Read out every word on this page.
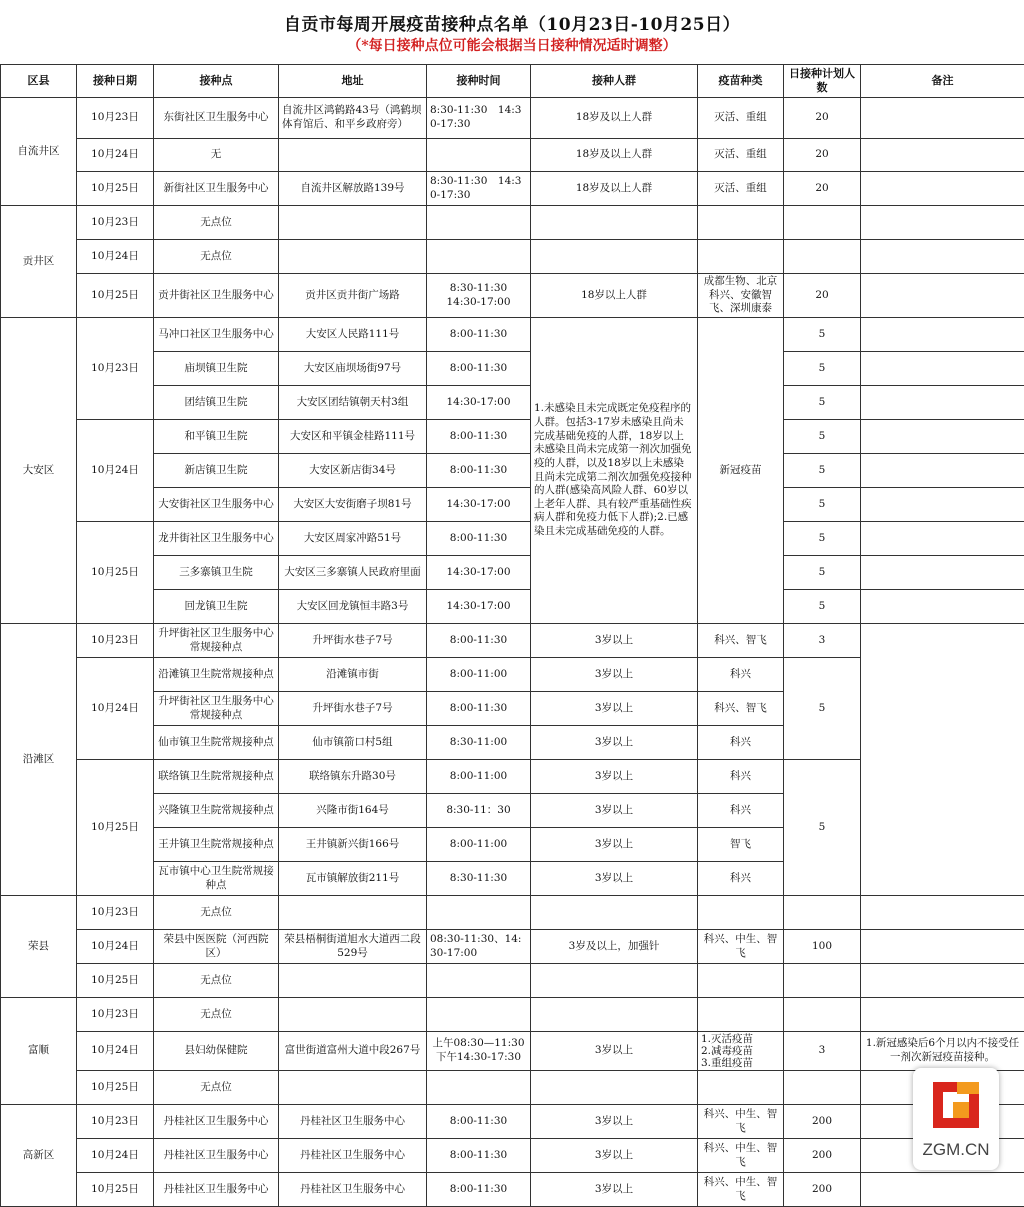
自贡市每周开展疫苗接种点名单（10月23日-10月25日）
（*每日接种点位可能会根据当日接种情况适时调整）
区县	接种日期	接种点	地址	接种时间	接种人群	疫苗种类	日接种计划人数	备注
自流井区	10月23日	东街社区卫生服务中心	自流井区鸿鹤路43号（鸿鹤坝体育馆后、和平乡政府旁）	8:30-11:30　14:30-17:30	18岁及以上人群	灭活、重组	20	
	10月24日	无			18岁及以上人群	灭活、重组	20	
	10月25日	新街社区卫生服务中心	自流井区解放路139号	8:30-11:30　14:30-17:30	18岁及以上人群	灭活、重组	20	
贡井区	10月23日	无点位						
	10月24日	无点位						
	10月25日	贡井街社区卫生服务中心	贡井区贡井街广场路	8:30-11:30
14:30-17:00	18岁以上人群	成都生物、北京科兴、安徽智飞、深圳康泰	20	
大安区	10月23日	马冲口社区卫生服务中心	大安区人民路111号	8:00-11:30	1.未感染且未完成既定免疫程序的人群。包括3-17岁未感染且尚未完成基础免疫的人群，18岁以上未感染且尚未完成第一剂次加强免疫的人群，以及18岁以上未感染且尚未完成第二剂次加强免疫接种的人群(感染高风险人群、60岁以上老年人群、具有较严重基础性疾病人群和免疫力低下人群);2.已感染且未完成基础免疫的人群。	新冠疫苗	5	
		庙坝镇卫生院	大安区庙坝场街97号	8:00-11:30			5	
		团结镇卫生院	大安区团结镇朝天村3组	14:30-17:00			5	
	10月24日	和平镇卫生院	大安区和平镇金桂路111号	8:00-11:30			5	
		新店镇卫生院	大安区新店街34号	8:00-11:30			5	
		大安街社区卫生服务中心	大安区大安街磨子坝81号	14:30-17:00			5	
	10月25日	龙井街社区卫生服务中心	大安区周家冲路51号	8:00-11:30			5	
		三多寨镇卫生院	大安区三多寨镇人民政府里面	14:30-17:00			5	
		回龙镇卫生院	大安区回龙镇恒丰路3号	14:30-17:00			5	
沿滩区	10月23日	升坪街社区卫生服务中心常规接种点	升坪街水巷子7号	8:00-11:30	3岁以上	科兴、智飞	3	
	10月24日	沿滩镇卫生院常规接种点	沿滩镇市街	8:00-11:00	3岁以上	科兴	5	
		升坪街社区卫生服务中心常规接种点	升坪街水巷子7号	8:00-11:30	3岁以上	科兴、智飞		
		仙市镇卫生院常规接种点	仙市镇箭口村5组	8:30-11:00	3岁以上	科兴		
	10月25日	联络镇卫生院常规接种点	联络镇东升路30号	8:00-11:00	3岁以上	科兴	5	
		兴隆镇卫生院常规接种点	兴隆市街164号	8:30-11：30	3岁以上	科兴		
		王井镇卫生院常规接种点	王井镇新兴街166号	8:00-11:00	3岁以上	智飞		
		瓦市镇中心卫生院常规接种点	瓦市镇解放街211号	8:30-11:30	3岁以上	科兴		
荣县	10月23日	无点位						
	10月24日	荣县中医医院（河西院区）	荣县梧桐街道旭水大道西二段529号	08:30-11:30、14:30-17:00	3岁及以上，加强针	科兴、中生、智飞	100	
	10月25日	无点位						
富顺	10月23日	无点位						
	10月24日	县妇幼保健院	富世街道富州大道中段267号	上午08:30—11:30
下午14:30-17:30	3岁以上	1.灭活疫苗
2.减毒疫苗
3.重组疫苗	3	1.新冠感染后6个月以内不接受任一剂次新冠疫苗接种。
	10月25日	无点位						
高新区	10月23日	丹桂社区卫生服务中心	丹桂社区卫生服务中心	8:00-11:30	3岁以上	科兴、中生、智飞	200	
	10月24日	丹桂社区卫生服务中心	丹桂社区卫生服务中心	8:00-11:30	3岁以上	科兴、中生、智飞	200	
	10月25日	丹桂社区卫生服务中心	丹桂社区卫生服务中心	8:00-11:30	3岁以上	科兴、中生、智飞	200	
ZGM.CN
